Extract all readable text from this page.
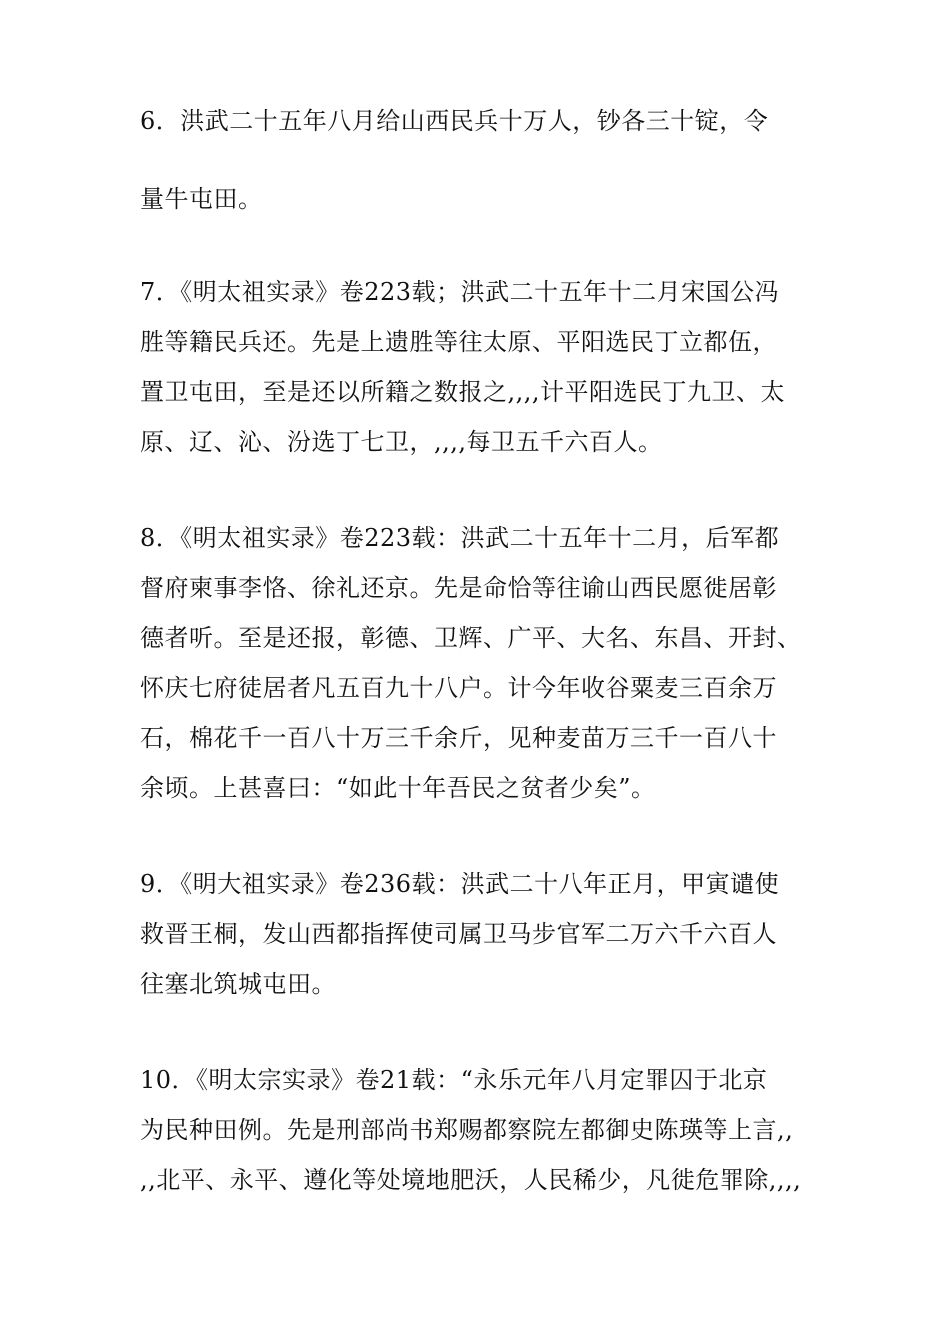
6．洪武二十五年八月给山西民兵十万人，钞各三十锭，令
量牛屯田。
7．《明太祖实录》卷223载；洪武二十五年十二月宋国公冯
胜等籍民兵还。先是上遗胜等往太原、平阳选民丁立都伍，
置卫屯田，至是还以所籍之数报之,,,,计平阳选民丁九卫、太
原、辽、沁、汾选丁七卫，,,,,每卫五千六百人。
8．《明太祖实录》卷223载：洪武二十五年十二月，后军都
督府柬事李恪、徐礼还京。先是命恰等往谕山西民愿徙居彰
德者听。至是还报，彰德、卫辉、广平、大名、东昌、开封、
怀庆七府徒居者凡五百九十八户。计今年收谷粟麦三百余万
石，棉花千一百八十万三千余斤，见种麦苗万三千一百八十
余顷。上甚喜曰：“如此十年吾民之贫者少矣”。
9．《明大祖实录》卷236载：洪武二十八年正月，甲寅谴使
救晋王桐，发山西都指挥使司属卫马步官军二万六千六百人
往塞北筑城屯田。
10．《明太宗实录》卷21载：“永乐元年八月定罪囚于北京
为民种田例。先是刑部尚书郑赐都察院左都御史陈瑛等上言,,
,,北平、永平、遵化等处境地肥沃，人民稀少，凡徙危罪除,,,,
